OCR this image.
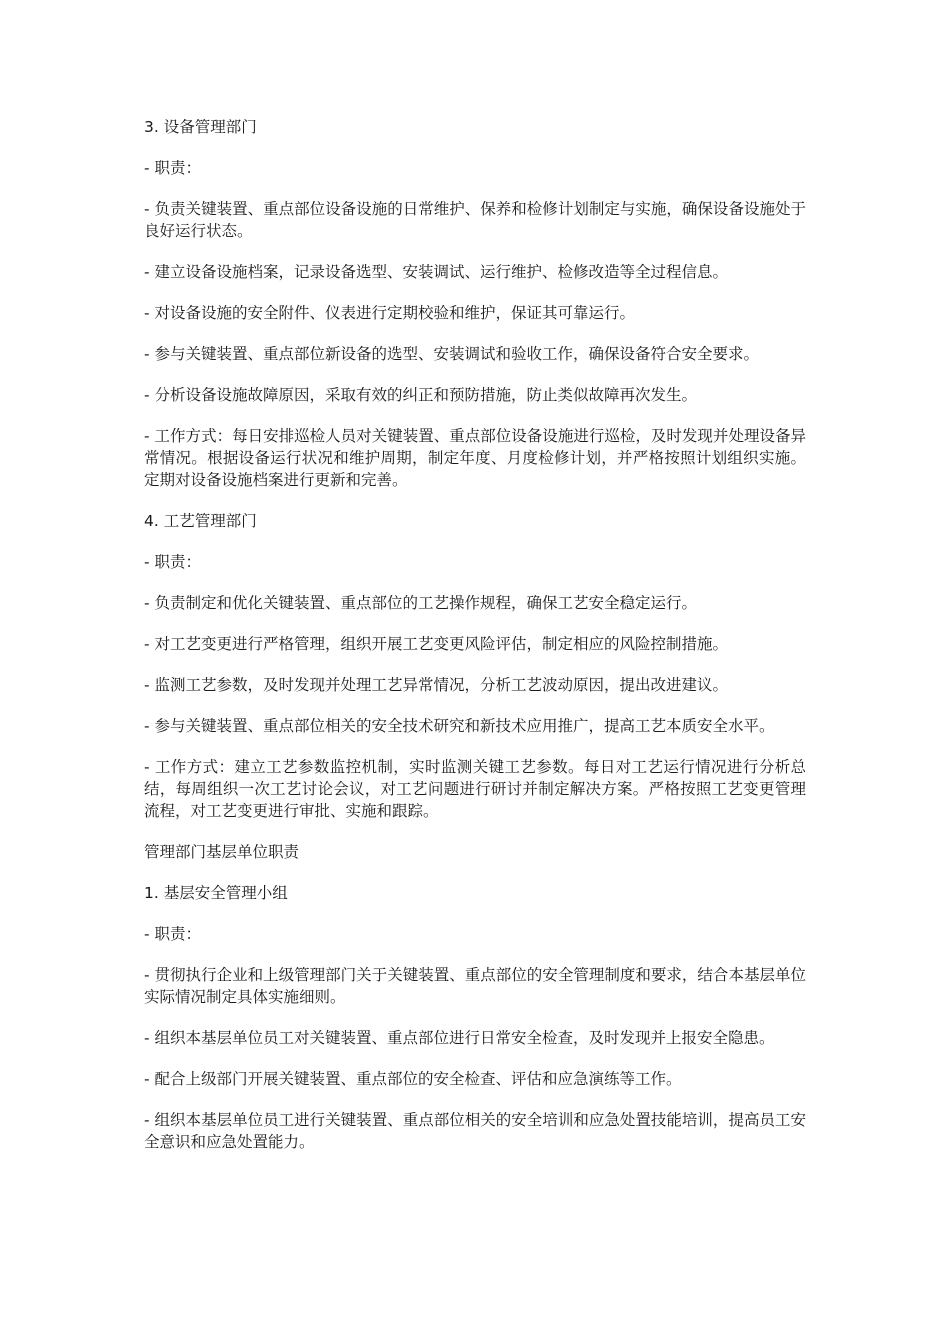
3. 设备管理部门

- 职责：

- 负责关键装置、重点部位设备设施的日常维护、保养和检修计划制定与实施，确保设备设施处于良好运行状态。

- 建立设备设施档案，记录设备选型、安装调试、运行维护、检修改造等全过程信息。

- 对设备设施的安全附件、仪表进行定期校验和维护，保证其可靠运行。

- 参与关键装置、重点部位新设备的选型、安装调试和验收工作，确保设备符合安全要求。

- 分析设备设施故障原因，采取有效的纠正和预防措施，防止类似故障再次发生。

- 工作方式：每日安排巡检人员对关键装置、重点部位设备设施进行巡检，及时发现并处理设备异常情况。根据设备运行状况和维护周期，制定年度、月度检修计划，并严格按照计划组织实施。定期对设备设施档案进行更新和完善。

4. 工艺管理部门

- 职责：

- 负责制定和优化关键装置、重点部位的工艺操作规程，确保工艺安全稳定运行。

- 对工艺变更进行严格管理，组织开展工艺变更风险评估，制定相应的风险控制措施。

- 监测工艺参数，及时发现并处理工艺异常情况，分析工艺波动原因，提出改进建议。

- 参与关键装置、重点部位相关的安全技术研究和新技术应用推广，提高工艺本质安全水平。

- 工作方式：建立工艺参数监控机制，实时监测关键工艺参数。每日对工艺运行情况进行分析总结，每周组织一次工艺讨论会议，对工艺问题进行研讨并制定解决方案。严格按照工艺变更管理流程，对工艺变更进行审批、实施和跟踪。

管理部门基层单位职责

1. 基层安全管理小组

- 职责：

- 贯彻执行企业和上级管理部门关于关键装置、重点部位的安全管理制度和要求，结合本基层单位实际情况制定具体实施细则。

- 组织本基层单位员工对关键装置、重点部位进行日常安全检查，及时发现并上报安全隐患。

- 配合上级部门开展关键装置、重点部位的安全检查、评估和应急演练等工作。

- 组织本基层单位员工进行关键装置、重点部位相关的安全培训和应急处置技能培训，提高员工安全意识和应急处置能力。
